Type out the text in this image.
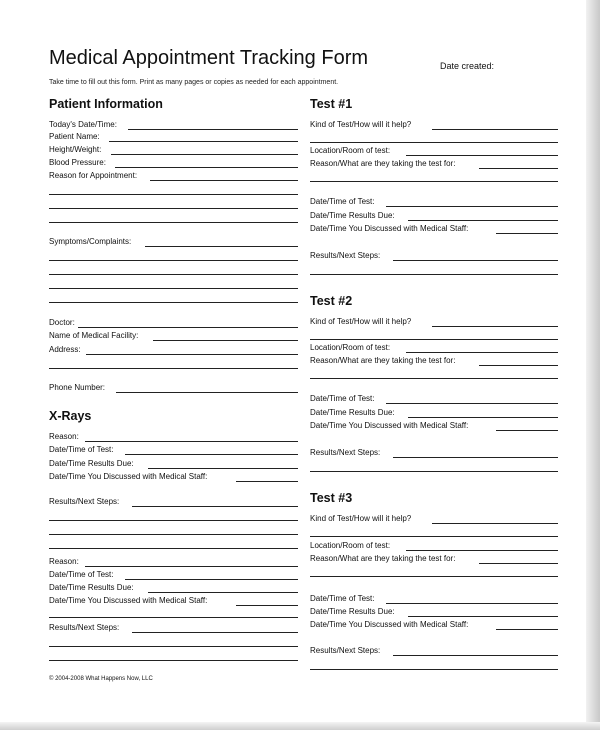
Medical Appointment Tracking Form	Date created:
Take time to fill out this form. Print as many pages or copies as needed for each appointment.
Patient Information
Today's Date/Time:
Patient Name:
Height/Weight:
Blood Pressure:
Reason for Appointment:
Symptoms/Complaints:
Doctor:
Name of Medical Facility:
Address:
Phone Number:
X-Rays
Reason:
Date/Time of Test:
Date/Time Results Due:
Date/Time You Discussed with Medical Staff:
Results/Next Steps:
Reason:
Date/Time of Test:
Date/Time Results Due:
Date/Time You Discussed with Medical Staff:
Results/Next Steps:
© 2004-2008 What Happens Now, LLC
Test #1
Kind of Test/How will it help?
Location/Room of test:
Reason/What are they taking the test for:
Date/Time of Test:
Date/Time Results Due:
Date/Time You Discussed with Medical Staff:
Results/Next Steps:
Test #2
Kind of Test/How will it help?
Location/Room of test:
Reason/What are they taking the test for:
Date/Time of Test:
Date/Time Results Due:
Date/Time You Discussed with Medical Staff:
Results/Next Steps:
Test #3
Kind of Test/How will it help?
Location/Room of test:
Reason/What are they taking the test for:
Date/Time of Test:
Date/Time Results Due:
Date/Time You Discussed with Medical Staff:
Results/Next Steps:
